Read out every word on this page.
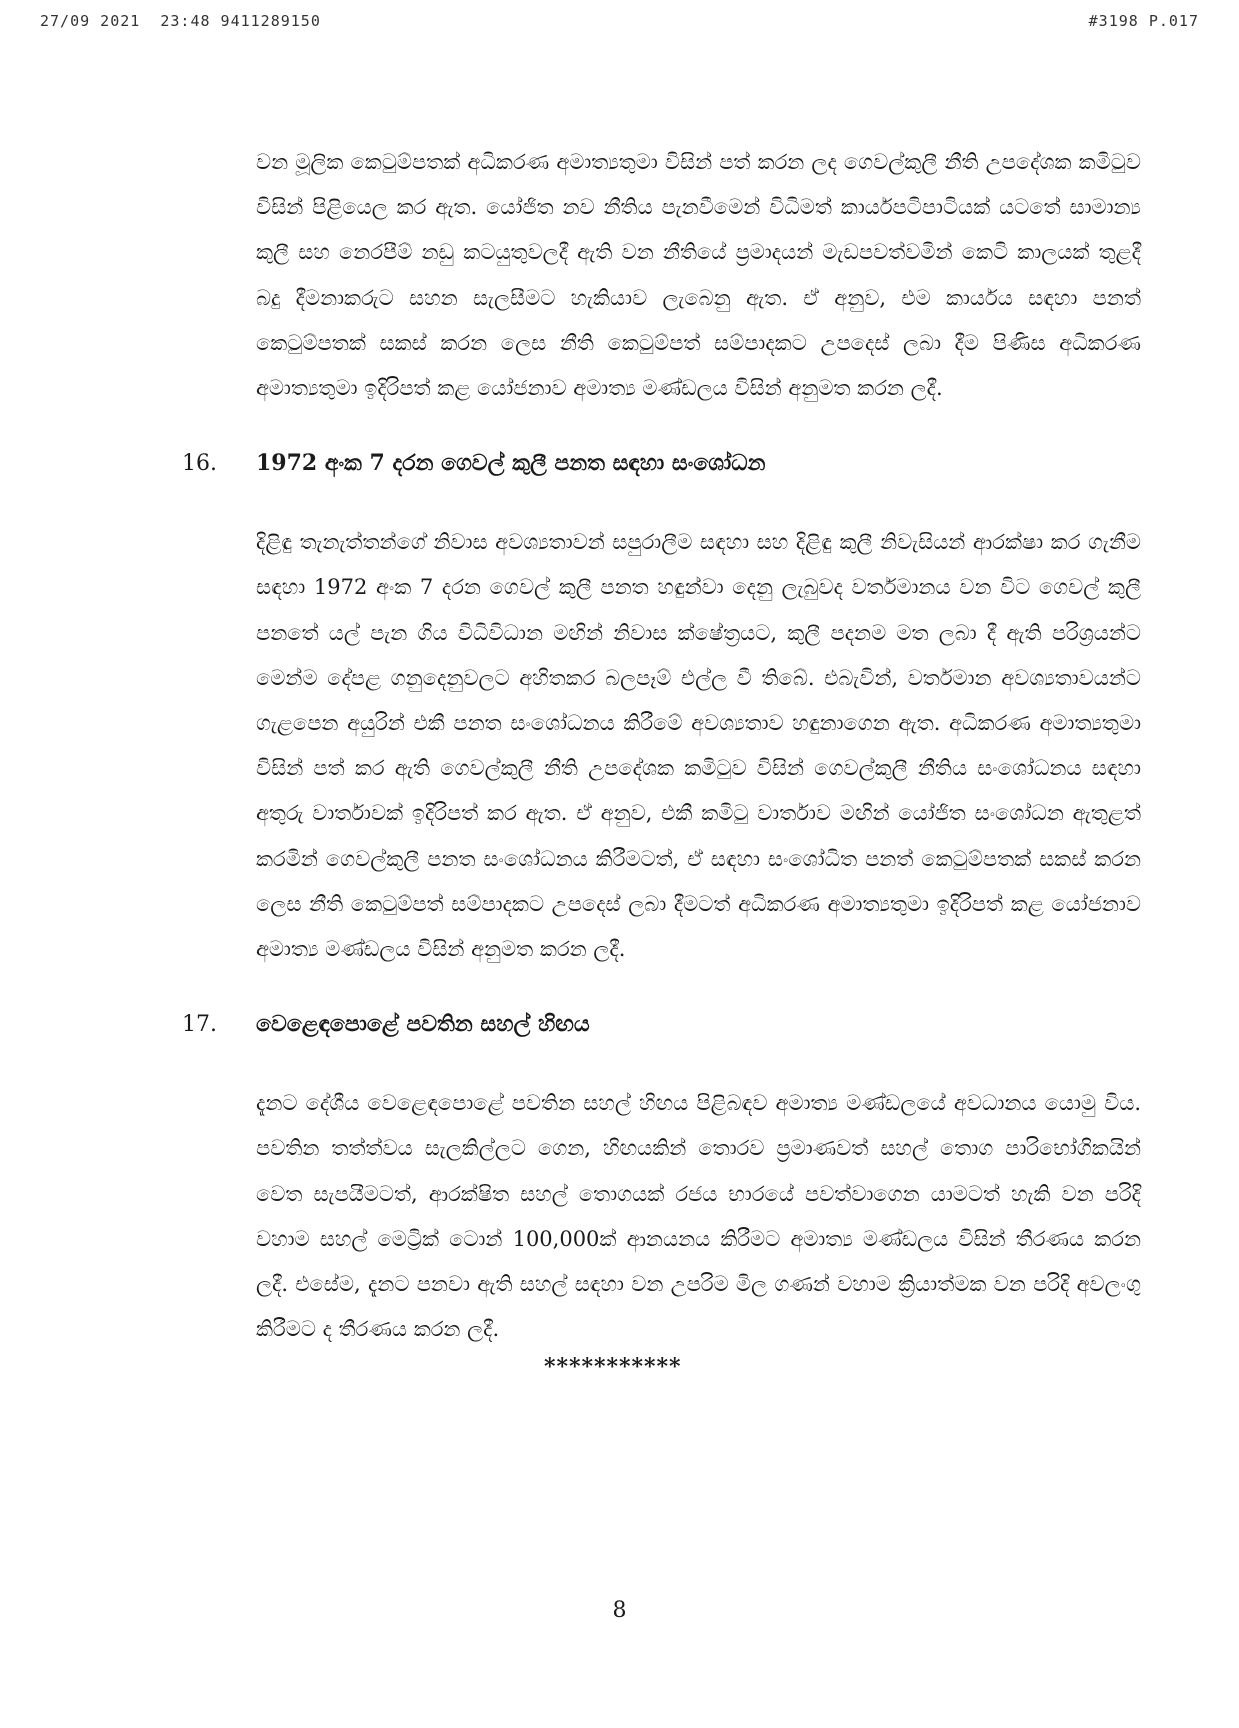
27/09 2021  23:48 9411289150	#3198 P.017

වන මූලික කෙටුම්පතක් අධිකරණ අමාත්‍යතුමා විසින් පත් කරන ලද ගෙවල්කුලී නීති උපදේශක කමිටුව විසින් පිළියෙල කර ඇත. යෝජිත නව නීතිය පැනවීමෙන් විධිමත් කාර්යපටිපාටියක් යටතේ සාමාන්‍ය කුලී සහ නෙරපීම් නඩු කටයුතුවලදී ඇති වන නීතියේ ප්‍රමාදයන් මැඩපවත්වමින් කෙටි කාලයක් තුළදී බදු දීමනාකරුට සහන සැලසීමට හැකියාව ලැබෙනු ඇත. ඒ අනුව, එම කාර්යය සඳහා පනත් කෙටුම්පතක් සකස් කරන ලෙස නීති කෙටුම්පත් සම්පාදකට උපදෙස් ලබා දීම පිණිස අධිකරණ අමාත්‍යතුමා ඉදිරිපත් කළ යෝජනාව අමාත්‍ය මණ්ඩලය විසින් අනුමත කරන ලදී.

16. 1972 අංක 7 දරන ගෙවල් කුලී පනත සඳහා සංශෝධන

දිළිඳු තැනැත්තන්ගේ නිවාස අවශ්‍යතාවන් සපුරාලීම සඳහා සහ දිළිඳු කුලී නිවැසියන් ආරක්ෂා කර ගැනීම සඳහා 1972 අංක 7 දරන ගෙවල් කුලී පනත හඳුන්වා දෙනු ලැබුවද වර්තමානය වන විට ගෙවල් කුලී පනතේ යල් පැන ගිය විධිවිධාන මඟින් නිවාස ක්ෂේත්‍රයට, කුලී පදනම මත ලබා දී ඇති පරිශ්‍රයන්ට මෙන්ම දේපළ ගනුදෙනුවලට අහිතකර බලපෑම් එල්ල වී තිබේ. එබැවින්, වර්තමාන අවශ්‍යතාවයන්ට ගැළපෙන අයුරින් එකී පනත සංශෝධනය කිරීමේ අවශ්‍යතාව හඳුනාගෙන ඇත. අධිකරණ අමාත්‍යතුමා විසින් පත් කර ඇති ගෙවල්කුලී නීති උපදේශක කමිටුව විසින් ගෙවල්කුලී නීතිය සංශෝධනය සඳහා අතුරු වාර්තාවක් ඉදිරිපත් කර ඇත. ඒ අනුව, එකී කමිටු වාර්තාව මඟින් යෝජිත සංශෝධන ඇතුළත් කරමින් ගෙවල්කුලී පනත සංශෝධනය කිරීමටත්, ඒ සඳහා සංශෝධිත පනත් කෙටුම්පතක් සකස් කරන ලෙස නීති කෙටුම්පත් සම්පාදකට උපදෙස් ලබා දීමටත් අධිකරණ අමාත්‍යතුමා ඉදිරිපත් කළ යෝජනාව අමාත්‍ය මණ්ඩලය විසින් අනුමත කරන ලදී.

17. වෙළෙඳපොළේ පවතින සහල් හිඟය

දැනට දේශීය වෙළෙඳපොළේ පවතින සහල් හිඟය පිළිබඳව අමාත්‍ය මණ්ඩලයේ අවධානය යොමු විය. පවතින තත්ත්වය සැලකිල්ලට ගෙන, හිඟයකින් තොරව ප්‍රමාණවත් සහල් තොග පාරිභෝගිකයින් වෙත සැපයීමටත්, ආරක්ෂිත සහල් තොගයක් රජය භාරයේ පවත්වාගෙන යාමටත් හැකි වන පරිදි වහාම සහල් මෙට්‍රික් ටොන් 100,000ක් ආනයනය කිරීමට අමාත්‍ය මණ්ඩලය විසින් තීරණය කරන ලදී. එසේම, දැනට පනවා ඇති සහල් සඳහා වන උපරිම මිල ගණන් වහාම ක්‍රියාත්මක වන පරිදි අවලංගු කිරීමට ද තීරණය කරන ලදී.

***********
8
